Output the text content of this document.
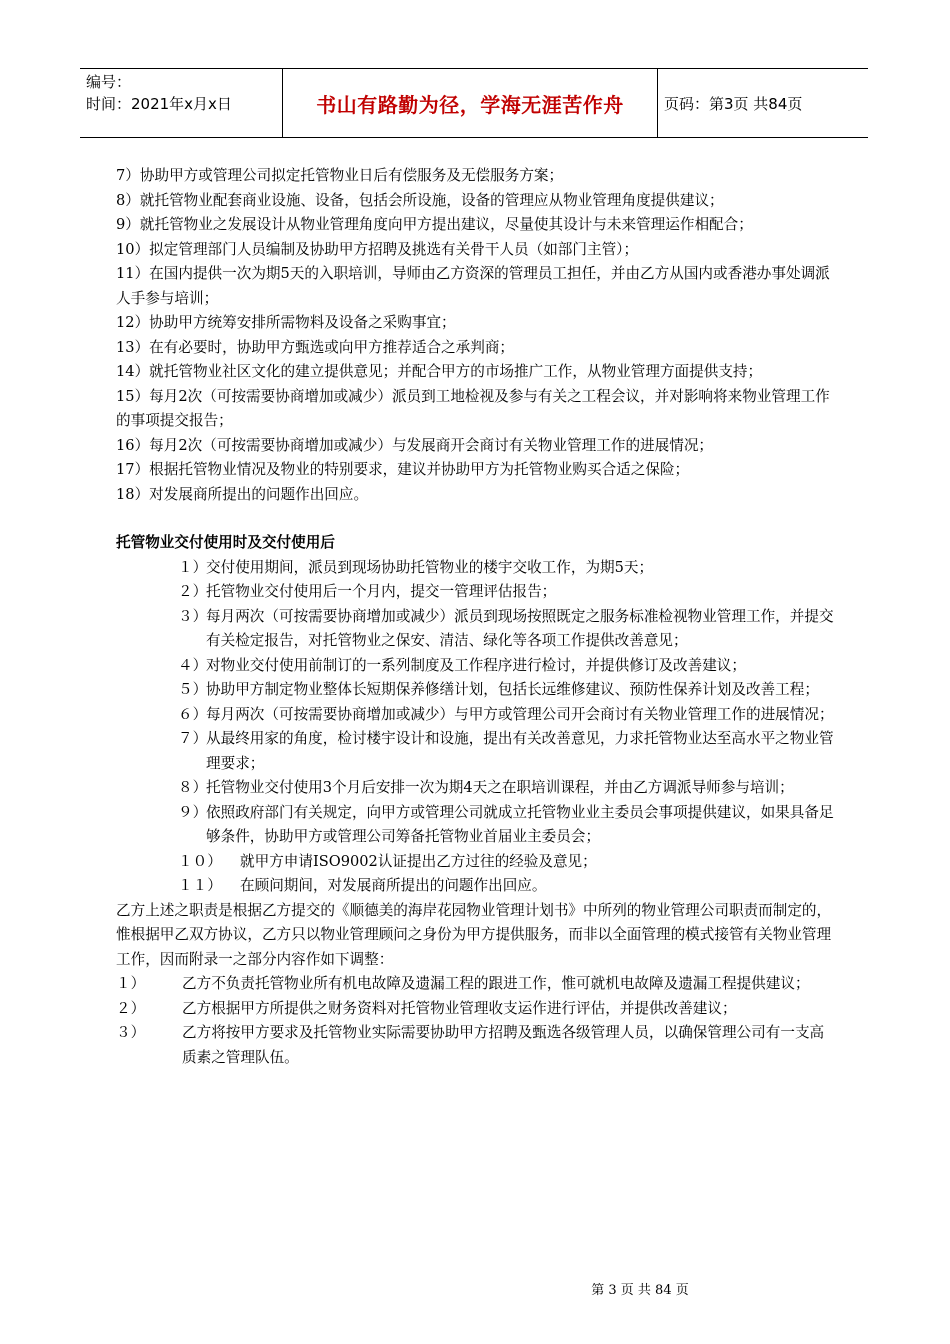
编号：
时间：2021年x月x日	书山有路勤为径，学海无涯苦作舟	页码：第3页 共84页
7）协助甲方或管理公司拟定托管物业日后有偿服务及无偿服务方案；
8）就托管物业配套商业设施、设备，包括会所设施，设备的管理应从物业管理角度提供建议；
9）就托管物业之发展设计从物业管理角度向甲方提出建议，尽量使其设计与未来管理运作相配合；
10）拟定管理部门人员编制及协助甲方招聘及挑选有关骨干人员（如部门主管）；
11）在国内提供一次为期5天的入职培训，导师由乙方资深的管理员工担任，并由乙方从国内或香港办事处调派人手参与培训；
12）协助甲方统筹安排所需物料及设备之采购事宜；
13）在有必要时，协助甲方甄选或向甲方推荐适合之承判商；
14）就托管物业社区文化的建立提供意见；并配合甲方的市场推广工作，从物业管理方面提供支持；
15）每月2次（可按需要协商增加或减少）派员到工地检视及参与有关之工程会议，并对影响将来物业管理工作的事项提交报告；
16）每月2次（可按需要协商增加或减少）与发展商开会商讨有关物业管理工作的进展情况；
17）根据托管物业情况及物业的特别要求，建议并协助甲方为托管物业购买合适之保险；
18）对发展商所提出的问题作出回应。
托管物业交付使用时及交付使用后
１）
交付使用期间，派员到现场协助托管物业的楼宇交收工作，为期5天；
２）
托管物业交付使用后一个月内，提交一管理评估报告；
３）
每月两次（可按需要协商增加或减少）派员到现场按照既定之服务标准检视物业管理工作，并提交有关检定报告，对托管物业之保安、清洁、绿化等各项工作提供改善意见；
４）
对物业交付使用前制订的一系列制度及工作程序进行检讨，并提供修订及改善建议；
５）
协助甲方制定物业整体长短期保养修缮计划，包括长远维修建议、预防性保养计划及改善工程；
６）
每月两次（可按需要协商增加或减少）与甲方或管理公司开会商讨有关物业管理工作的进展情况；
７）
从最终用家的角度，检讨楼宇设计和设施，提出有关改善意见，力求托管物业达至高水平之物业管理要求；
８）
托管物业交付使用3个月后安排一次为期4天之在职培训课程，并由乙方调派导师参与培训；
９）
依照政府部门有关规定，向甲方或管理公司就成立托管物业业主委员会事项提供建议，如果具备足够条件，协助甲方或管理公司筹备托管物业首届业主委员会；
１０）	就甲方申请ISO9002认证提出乙方过往的经验及意见；
１１）	在顾问期间，对发展商所提出的问题作出回应。
乙方上述之职责是根据乙方提交的《顺德美的海岸花园物业管理计划书》中所列的物业管理公司职责而制定的，惟根据甲乙双方协议，乙方只以物业管理顾问之身份为甲方提供服务，而非以全面管理的模式接管有关物业管理工作，因而附录一之部分内容作如下调整：
１）	乙方不负责托管物业所有机电故障及遗漏工程的跟进工作，惟可就机电故障及遗漏工程提供建议；
２）	乙方根据甲方所提供之财务资料对托管物业管理收支运作进行评估，并提供改善建议；
３）	乙方将按甲方要求及托管物业实际需要协助甲方招聘及甄选各级管理人员，以确保管理公司有一支高质素之管理队伍。
第 3 页 共 84 页
